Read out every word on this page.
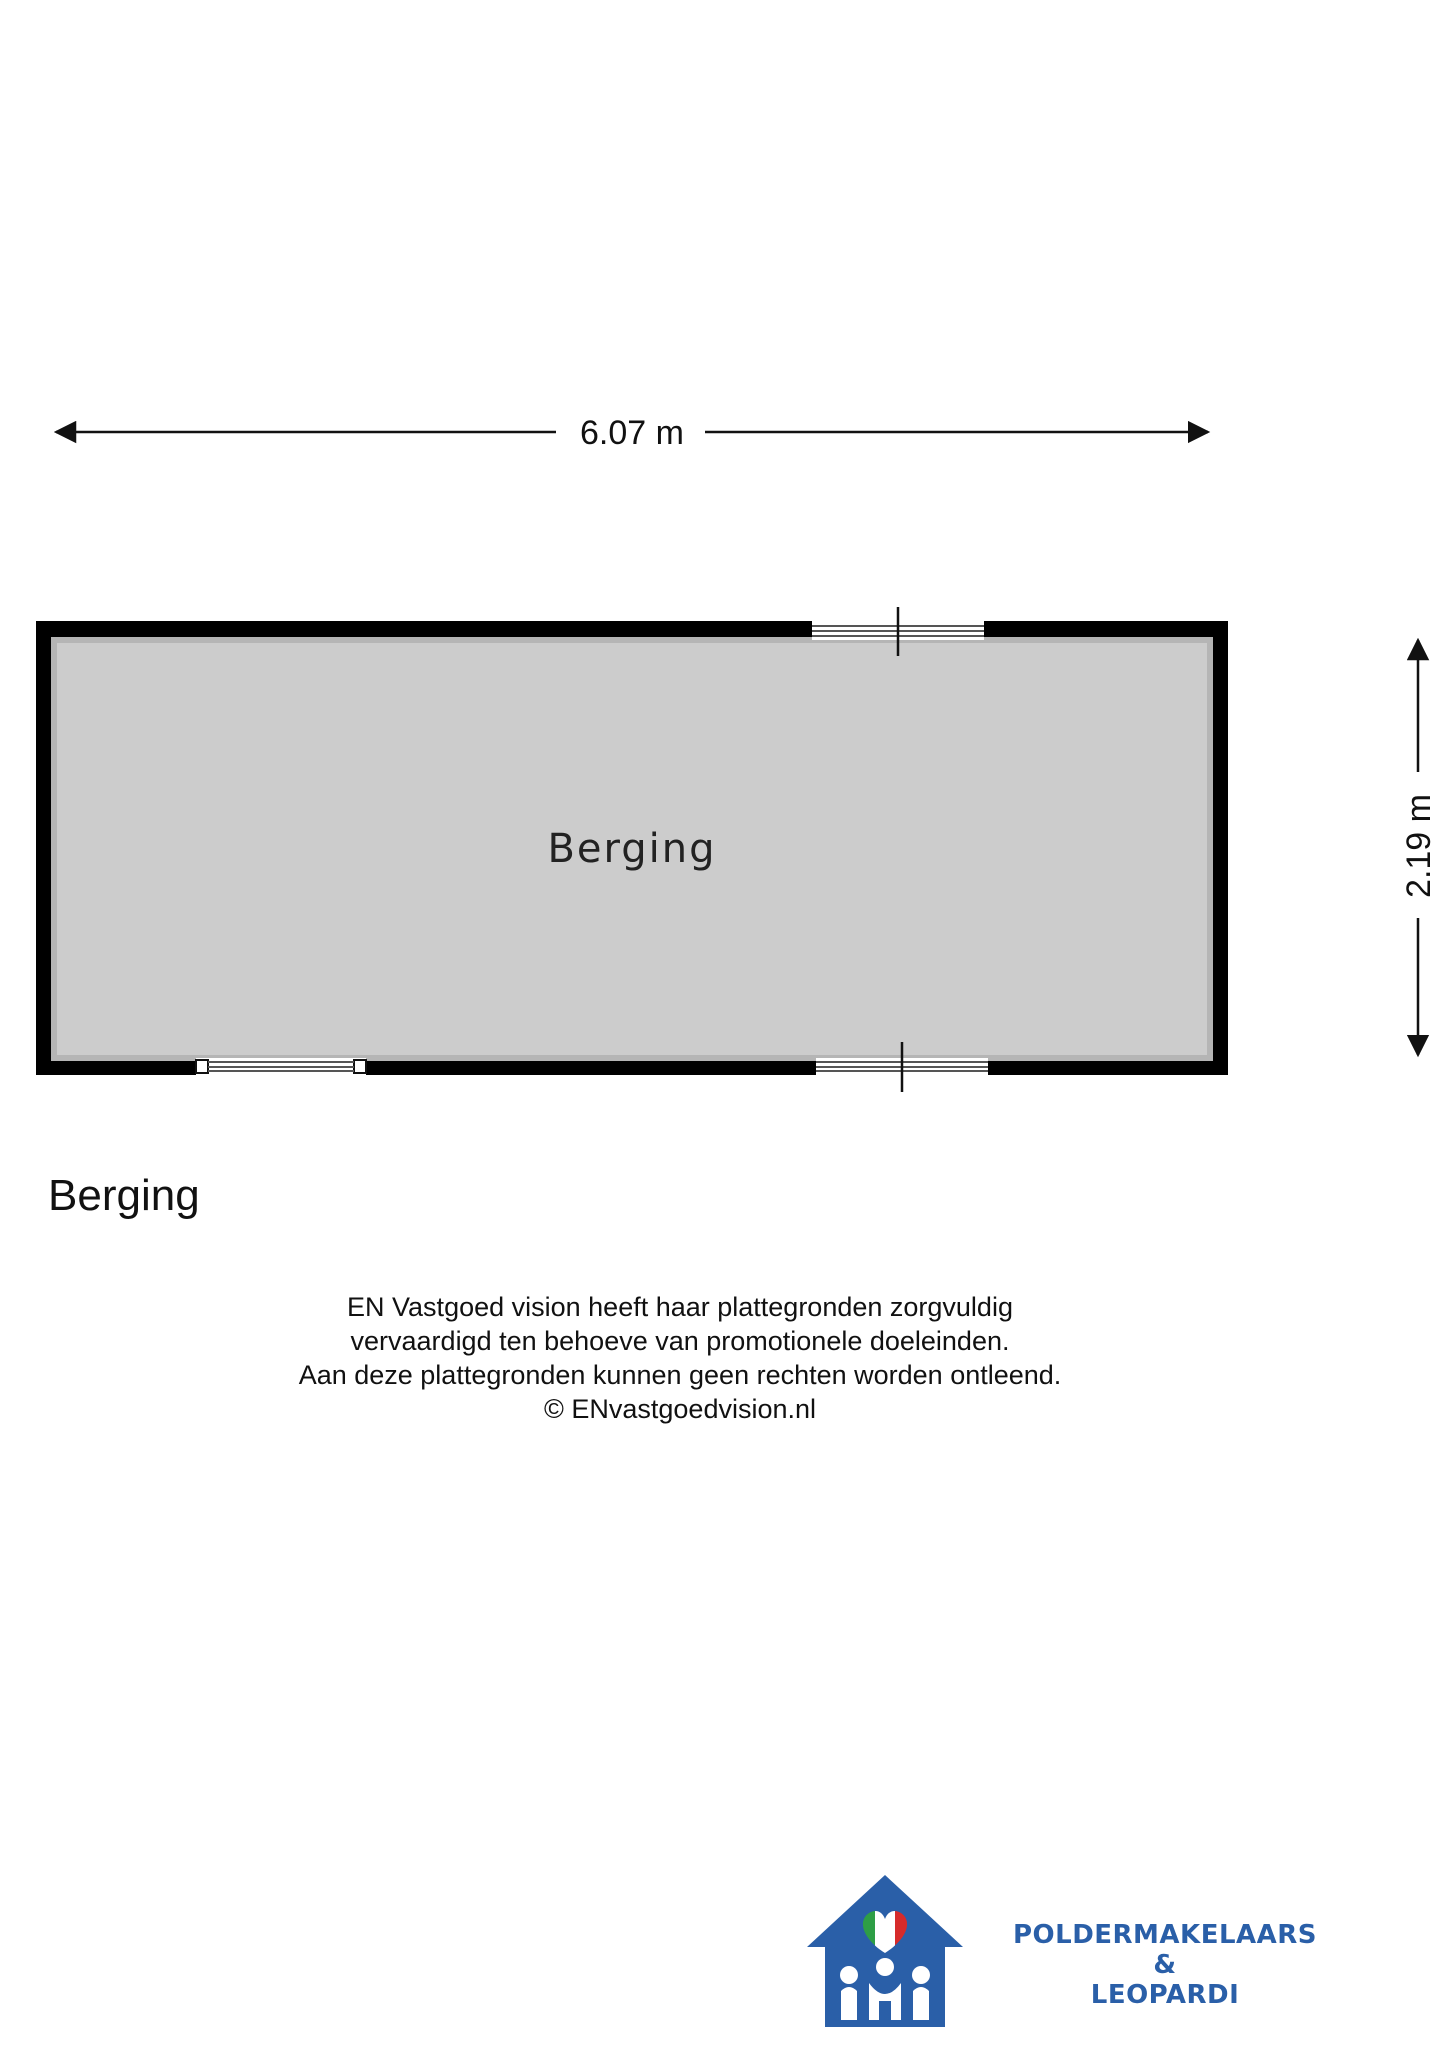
6.07 m
2.19 m
Berging
Berging
EN Vastgoed vision heeft haar plattegronden zorgvuldig
vervaardigd ten behoeve van promotionele doeleinden.
Aan deze plattegronden kunnen geen rechten worden ontleend.
© ENvastgoedvision.nl
POLDERMAKELAARS
&
LEOPARDI
